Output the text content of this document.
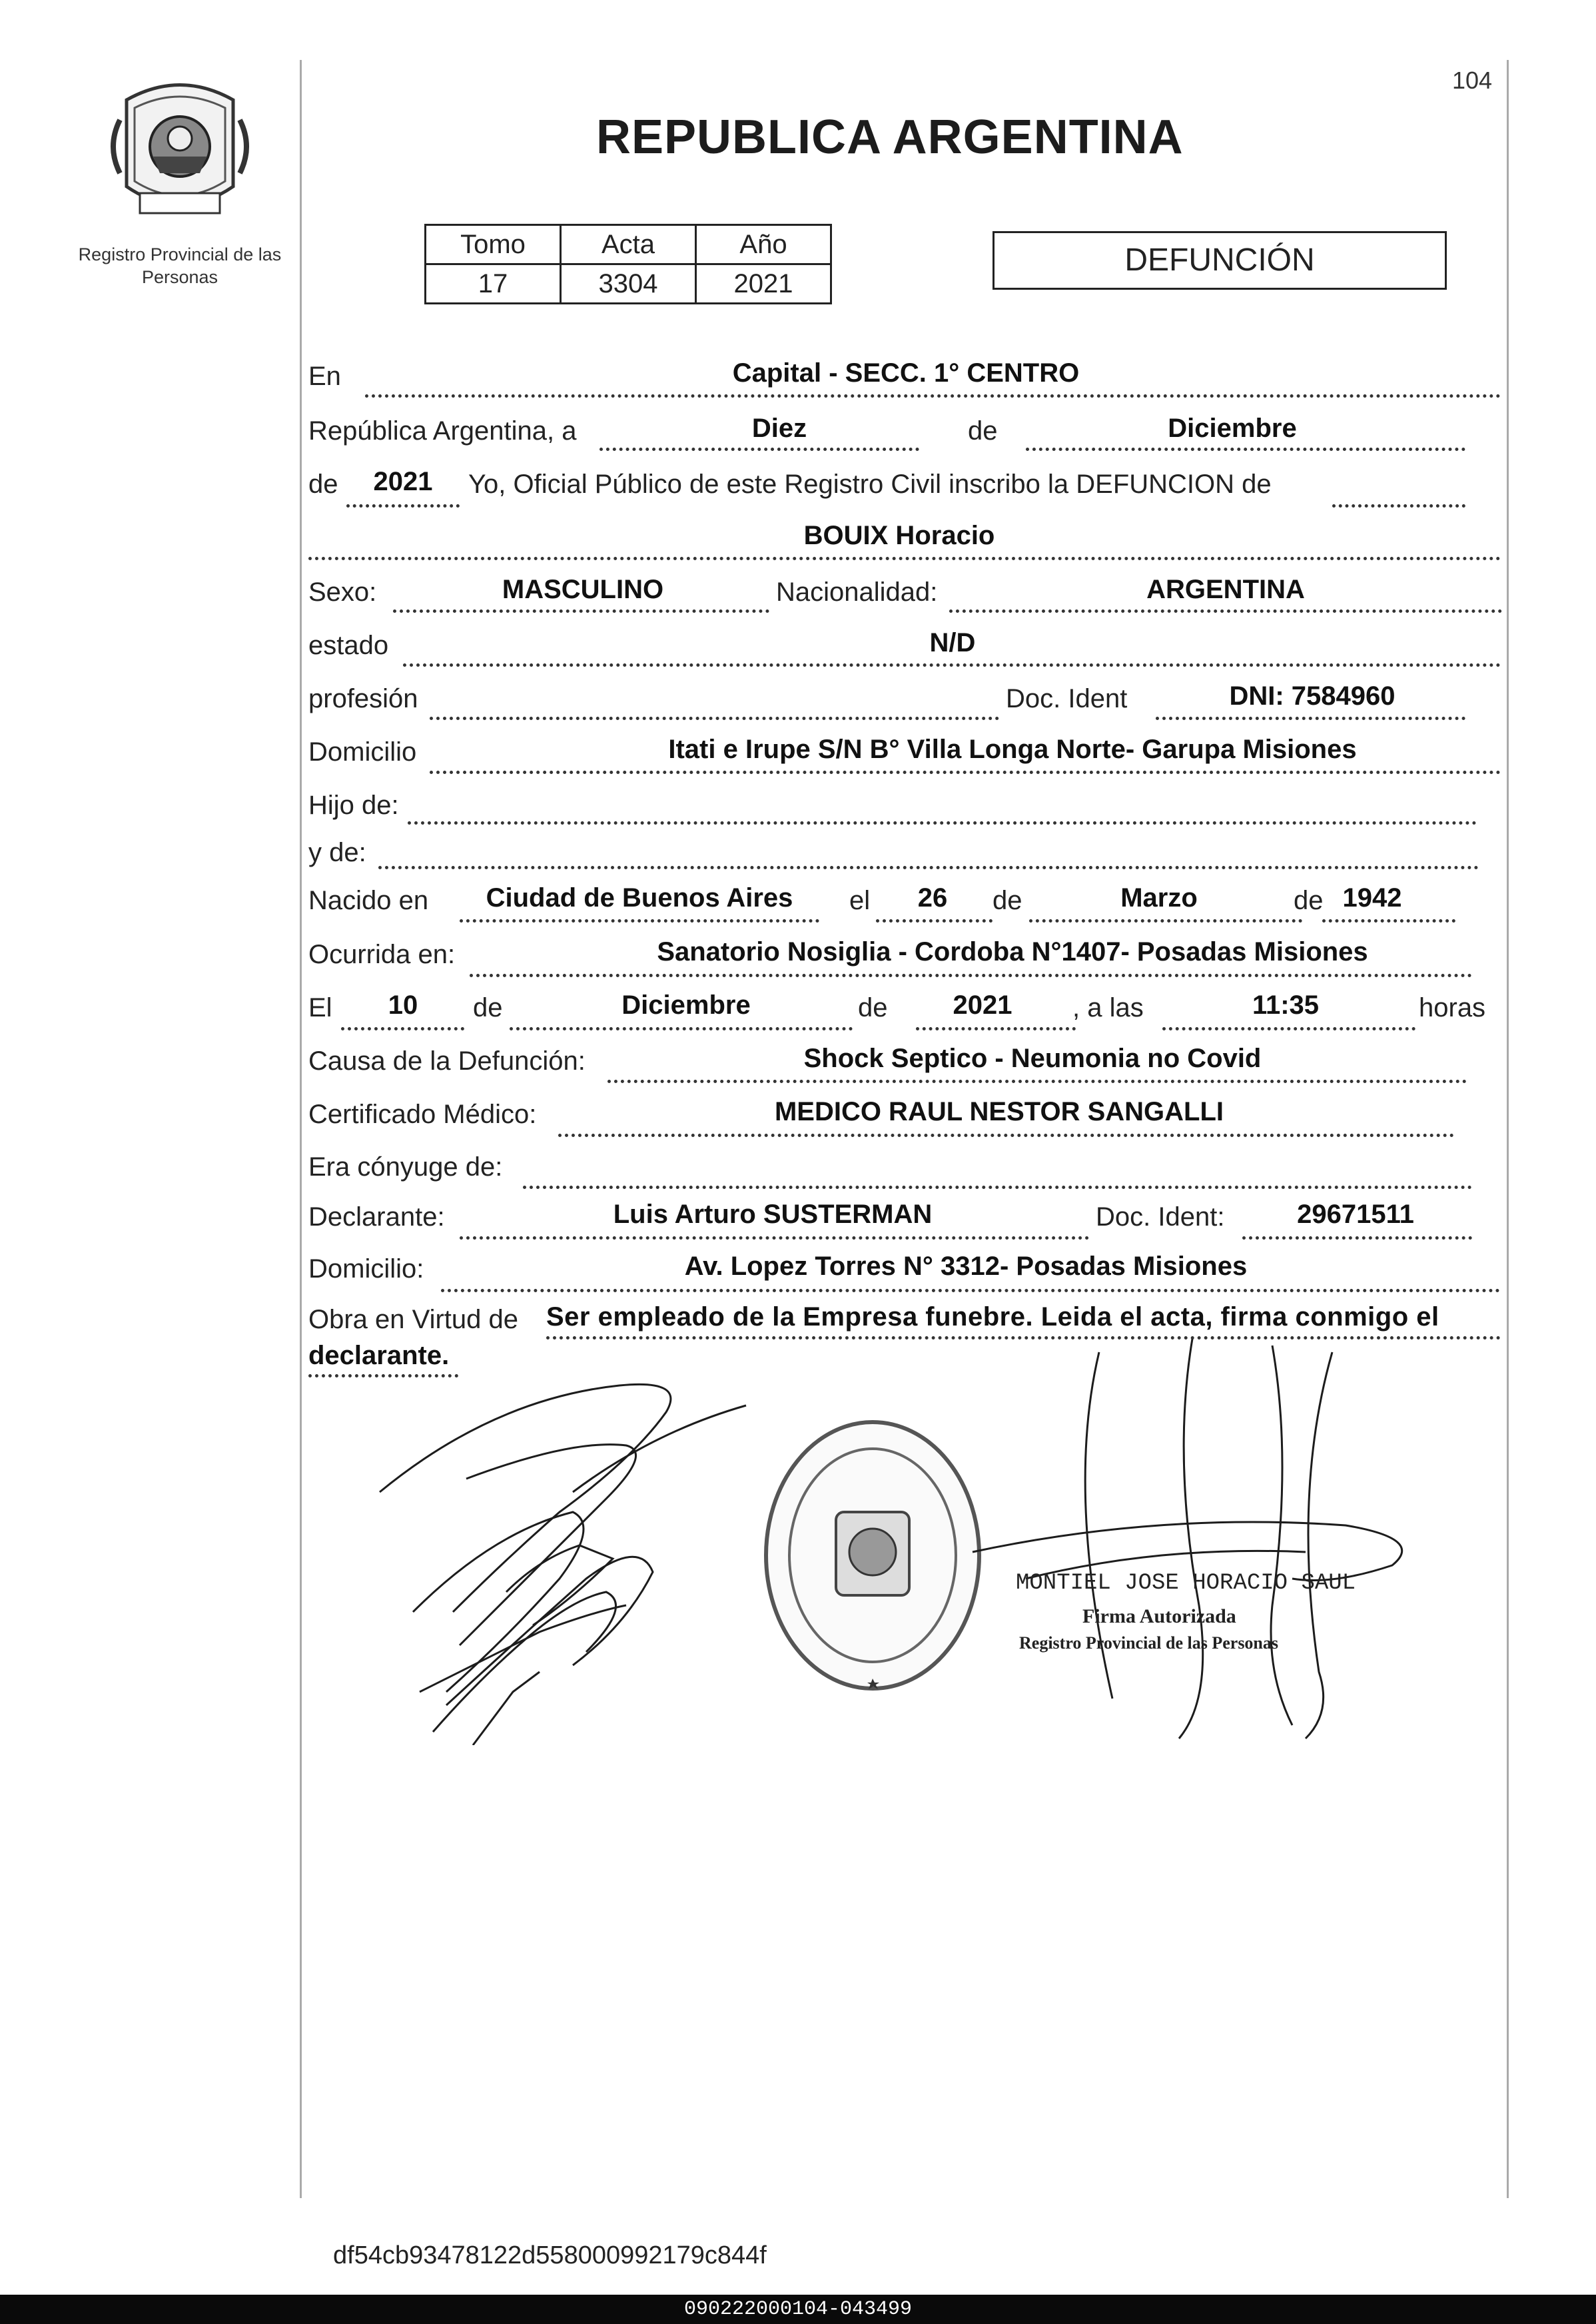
104
Registro Provincial de las Personas
REPUBLICA ARGENTINA
Tomo	Acta	Año
17	3304	2021
DEFUNCIÓN
En	Capital - SECC. 1° CENTRO
República Argentina, a	Diez	de	Diciembre
de	2021	Yo, Oficial Público de este Registro Civil inscribo la DEFUNCION de
BOUIX Horacio
Sexo:	MASCULINO	Nacionalidad:	ARGENTINA
estado	N/D
profesión	Doc. Ident	DNI: 7584960
Domicilio	Itati e Irupe S/N B° Villa Longa Norte- Garupa Misiones
Hijo de:
y de:
Nacido en	Ciudad de Buenos Aires	el	26	de	Marzo	de 1942
Ocurrida en:	Sanatorio Nosiglia - Cordoba N°1407- Posadas Misiones
El	10	de	Diciembre	de	2021	, a las	11:35	horas
Causa de la Defunción:	Shock Septico - Neumonia no Covid
Certificado Médico:	MEDICO RAUL NESTOR SANGALLI
Era cónyuge de:
Declarante:	Luis Arturo SUSTERMAN	Doc. Ident:	29671511
Domicilio:	Av. Lopez Torres N° 3312- Posadas Misiones
Obra en Virtud de Ser empleado de la Empresa funebre. Leida el acta, firma conmigo el
declarante.
MONTIEL JOSE HORACIO SAUL
Firma Autorizada
Registro Provincial de las Personas
df54cb93478122d558000992179c844f
090222000104-043499
